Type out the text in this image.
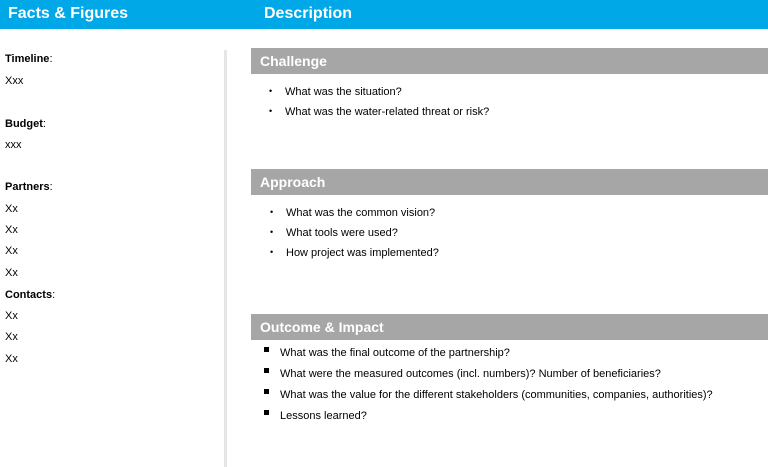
Facts & Figures	Description
Timeline:
Xxx
Budget:
xxx
Partners:
Xx
Xx
Xx
Xx
Contacts:
Xx
Xx
Xx
Challenge
• What was the situation?
• What was the water-related threat or risk?
Approach
• What was the common vision?
• What tools were used?
• How project was implemented?
Outcome & Impact
What was the final outcome of the partnership?
What were the measured outcomes (incl. numbers)? Number of beneficiaries?
What was the value for the different stakeholders (communities, companies, authorities)?
Lessons learned?
